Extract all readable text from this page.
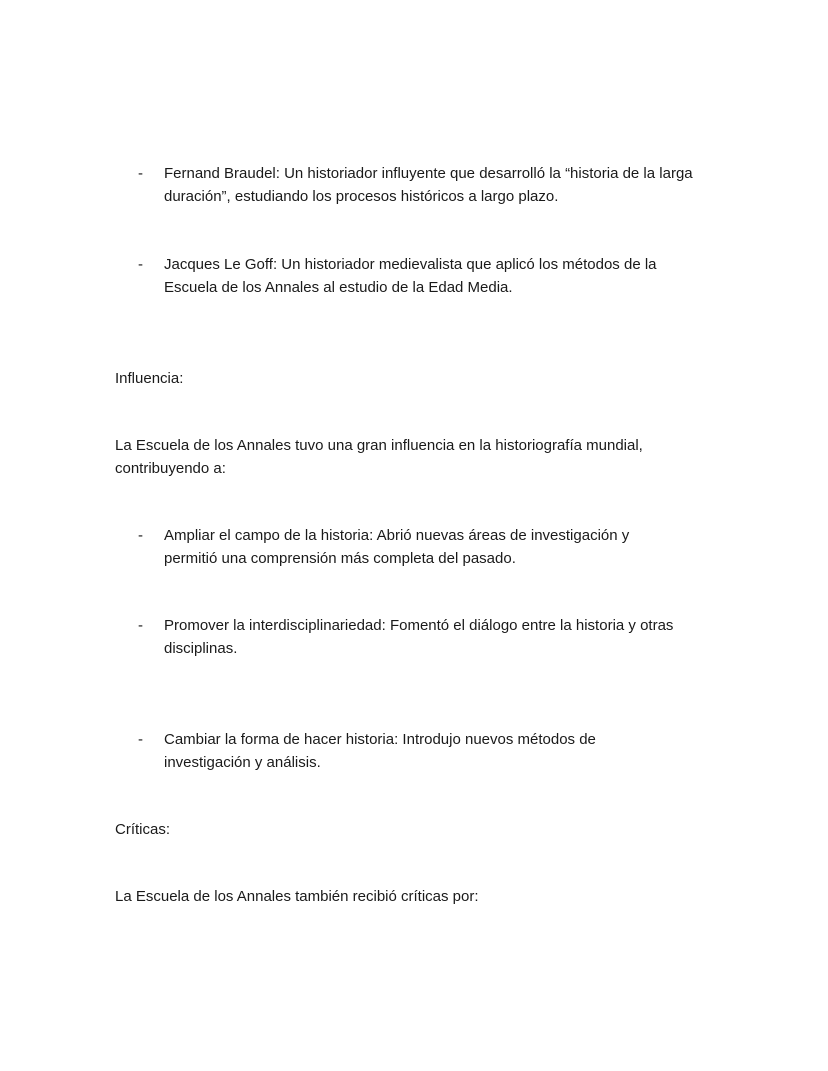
- Fernand Braudel: Un historiador influyente que desarrolló la “historia de la larga duración”, estudiando los procesos históricos a largo plazo.
- Jacques Le Goff: Un historiador medievalista que aplicó los métodos de la Escuela de los Annales al estudio de la Edad Media.
Influencia:
La Escuela de los Annales tuvo una gran influencia en la historiografía mundial, contribuyendo a:
- Ampliar el campo de la historia: Abrió nuevas áreas de investigación y permitió una comprensión más completa del pasado.
- Promover la interdisciplinariedad: Fomentó el diálogo entre la historia y otras disciplinas.
- Cambiar la forma de hacer historia: Introdujo nuevos métodos de investigación y análisis.
Críticas:
La Escuela de los Annales también recibió críticas por:
